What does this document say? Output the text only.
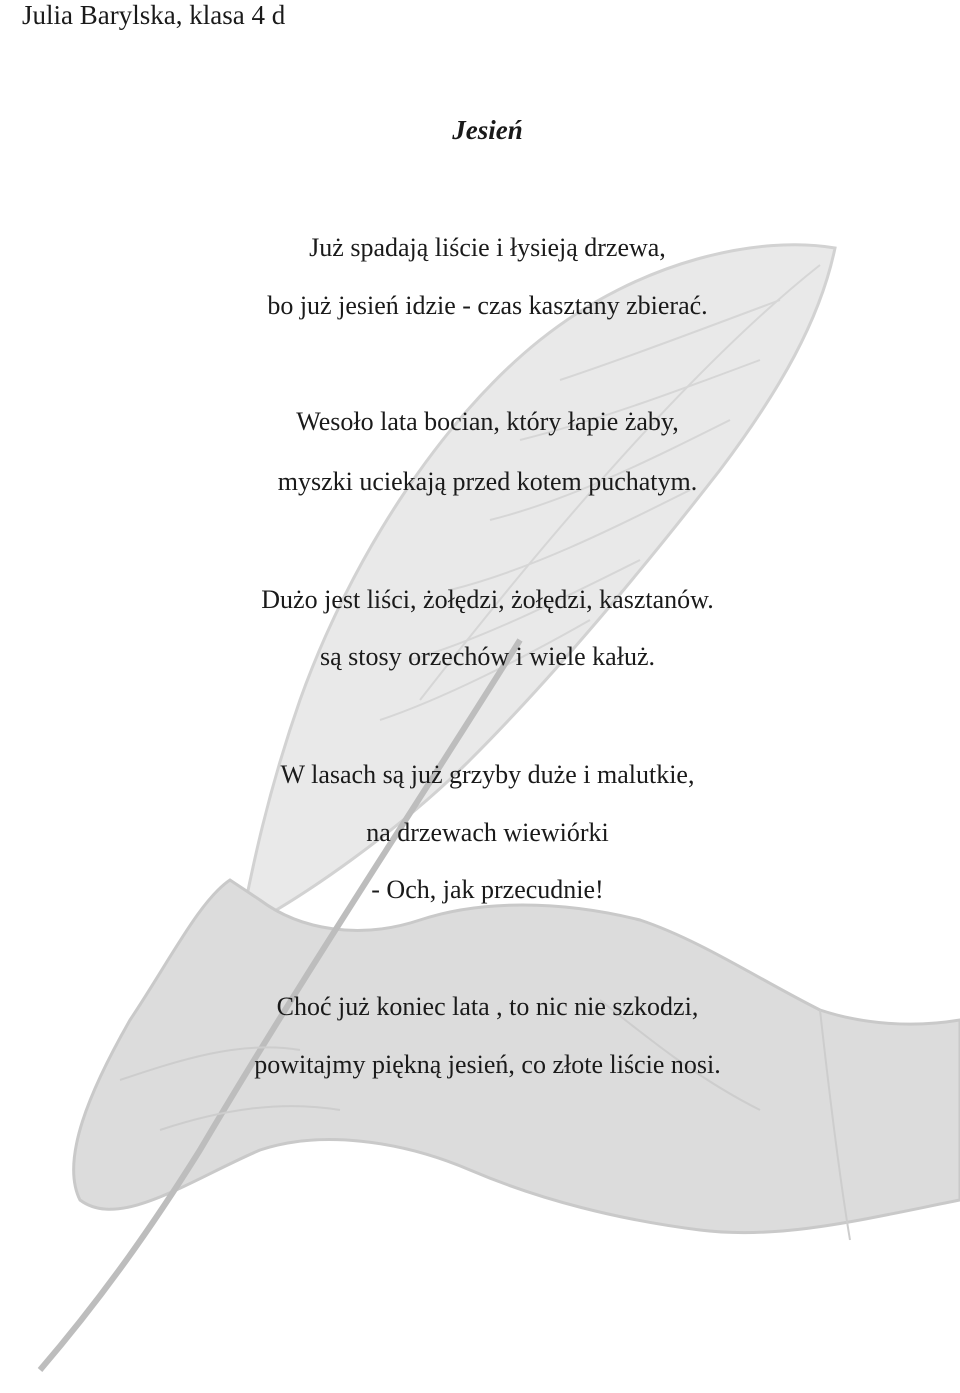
Julia Barylska, klasa 4 d

Jesień

Już spadają liście i łysieją drzewa,

bo już jesień idzie - czas kasztany zbierać.

Wesoło lata bocian, który łapie żaby,

myszki uciekają przed kotem puchatym.

Dużo jest liści, żołędzi, żołędzi, kasztanów.

są stosy orzechów i wiele kałuż.

W lasach są już grzyby duże i malutkie,

na drzewach wiewiórki

- Och, jak przecudnie!

Choć już koniec lata , to nic nie szkodzi,

powitajmy piękną jesień, co złote liście nosi.
